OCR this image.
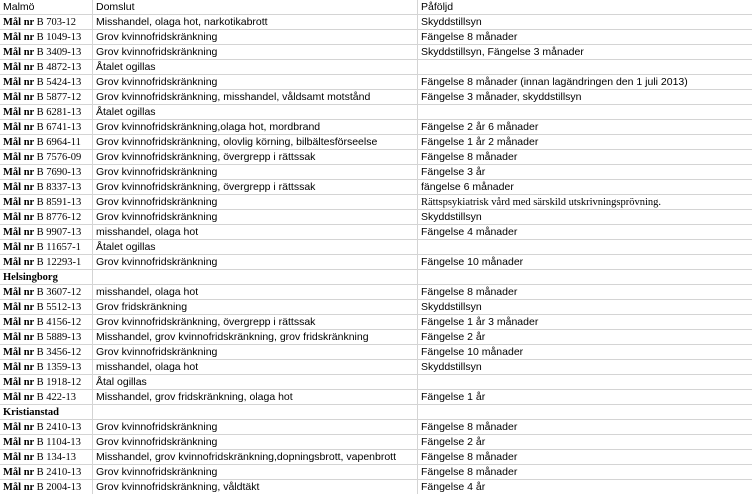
Malmö	Domslut	Påföljd
Mål nr B 703-12	Misshandel, olaga hot, narkotikabrott	Skyddstillsyn
Mål nr B 1049-13	Grov kvinnofridskränkning	Fängelse 8 månader
Mål nr B 3409-13	Grov kvinnofridskränkning	Skyddstillsyn, Fängelse 3 månader
Mål nr B 4872-13	Åtalet ogillas
Mål nr B 5424-13	Grov kvinnofridskränkning	Fängelse 8 månader (innan lagändringen den 1 juli 2013)
Mål nr B 5877-12	Grov kvinnofridskränkning, misshandel, våldsamt motstånd	Fängelse 3 månader, skyddstillsyn
Mål nr B 6281-13	Åtalet ogillas
Mål nr B 6741-13	Grov kvinnofridskränkning,olaga hot, mordbrand	Fängelse 2 år 6 månader
Mål nr B 6964-11	Grov kvinnofridskränkning, olovlig körning, bilbältesförseelse	Fängelse 1 år 2 månader
Mål nr B 7576-09	Grov kvinnofridskränkning, övergrepp i rättssak	Fängelse 8 månader
Mål nr B 7690-13	Grov kvinnofridskränkning	Fängelse 3 år
Mål nr B 8337-13	Grov kvinnofridskränkning, övergrepp i rättssak	fängelse 6 månader
Mål nr B 8591-13	Grov kvinnofridskränkning	Rättspsykiatrisk vård med särskild utskrivningsprövning.
Mål nr B 8776-12	Grov kvinnofridskränkning	Skyddstillsyn
Mål nr B 9907-13	misshandel, olaga hot	Fängelse 4 månader
Mål nr B 11657-1	Åtalet ogillas
Mål nr B 12293-1	Grov kvinnofridskränkning	Fängelse 10 månader
Helsingborg
Mål nr B 3607-12	misshandel, olaga hot	Fängelse 8 månader
Mål nr B 5512-13	Grov fridskränkning	Skyddstillsyn
Mål nr B 4156-12	Grov kvinnofridskränkning, övergrepp i rättssak	Fängelse 1 år 3 månader
Mål nr B 5889-13	Misshandel, grov kvinnofridskränkning, grov fridskränkning	Fängelse 2 år
Mål nr B 3456-12	Grov kvinnofridskränkning	Fängelse 10 månader
Mål nr B 1359-13	misshandel, olaga hot	Skyddstillsyn
Mål nr B 1918-12	Åtal ogillas
Mål nr B 422-13	Misshandel, grov fridskränkning, olaga hot	Fängelse 1 år
Kristianstad
Mål nr B 2410-13	Grov kvinnofridskränkning	Fängelse 8 månader
Mål nr B 1104-13	Grov kvinnofridskränkning	Fängelse 2 år
Mål nr B 134-13	Misshandel, grov kvinnofridskränkning,dopningsbrott, vapenbrott	Fängelse 8 månader
Mål nr B 2410-13	Grov kvinnofridskränkning	Fängelse 8 månader
Mål nr B 2004-13	Grov kvinnofridskränkning, våldtäkt	Fängelse 4 år
